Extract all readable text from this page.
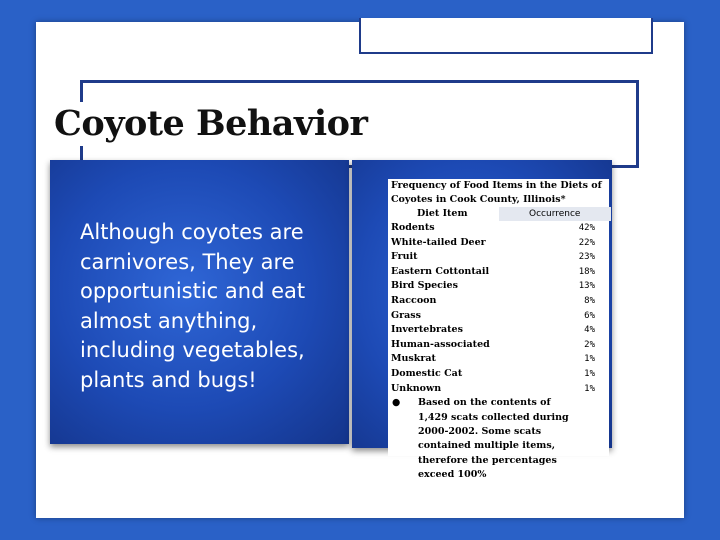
Coyote Behavior

Although coyotes are carnivores, They are opportunistic and eat almost anything, including vegetables, plants and bugs!

Frequency of Food Items in the Diets of Coyotes in Cook County, Illinois*

Diet Item	Occurrence
Rodents	42%
White-tailed Deer	22%
Fruit	23%
Eastern Cottontail	18%
Bird Species	13%
Raccoon	8%
Grass	6%
Invertebrates	4%
Human-associated	2%
Muskrat	1%
Domestic Cat	1%
Unknown	1%

● Based on the contents of 1,429 scats collected during 2000-2002. Some scats contained multiple items, therefore the percentages exceed 100%
